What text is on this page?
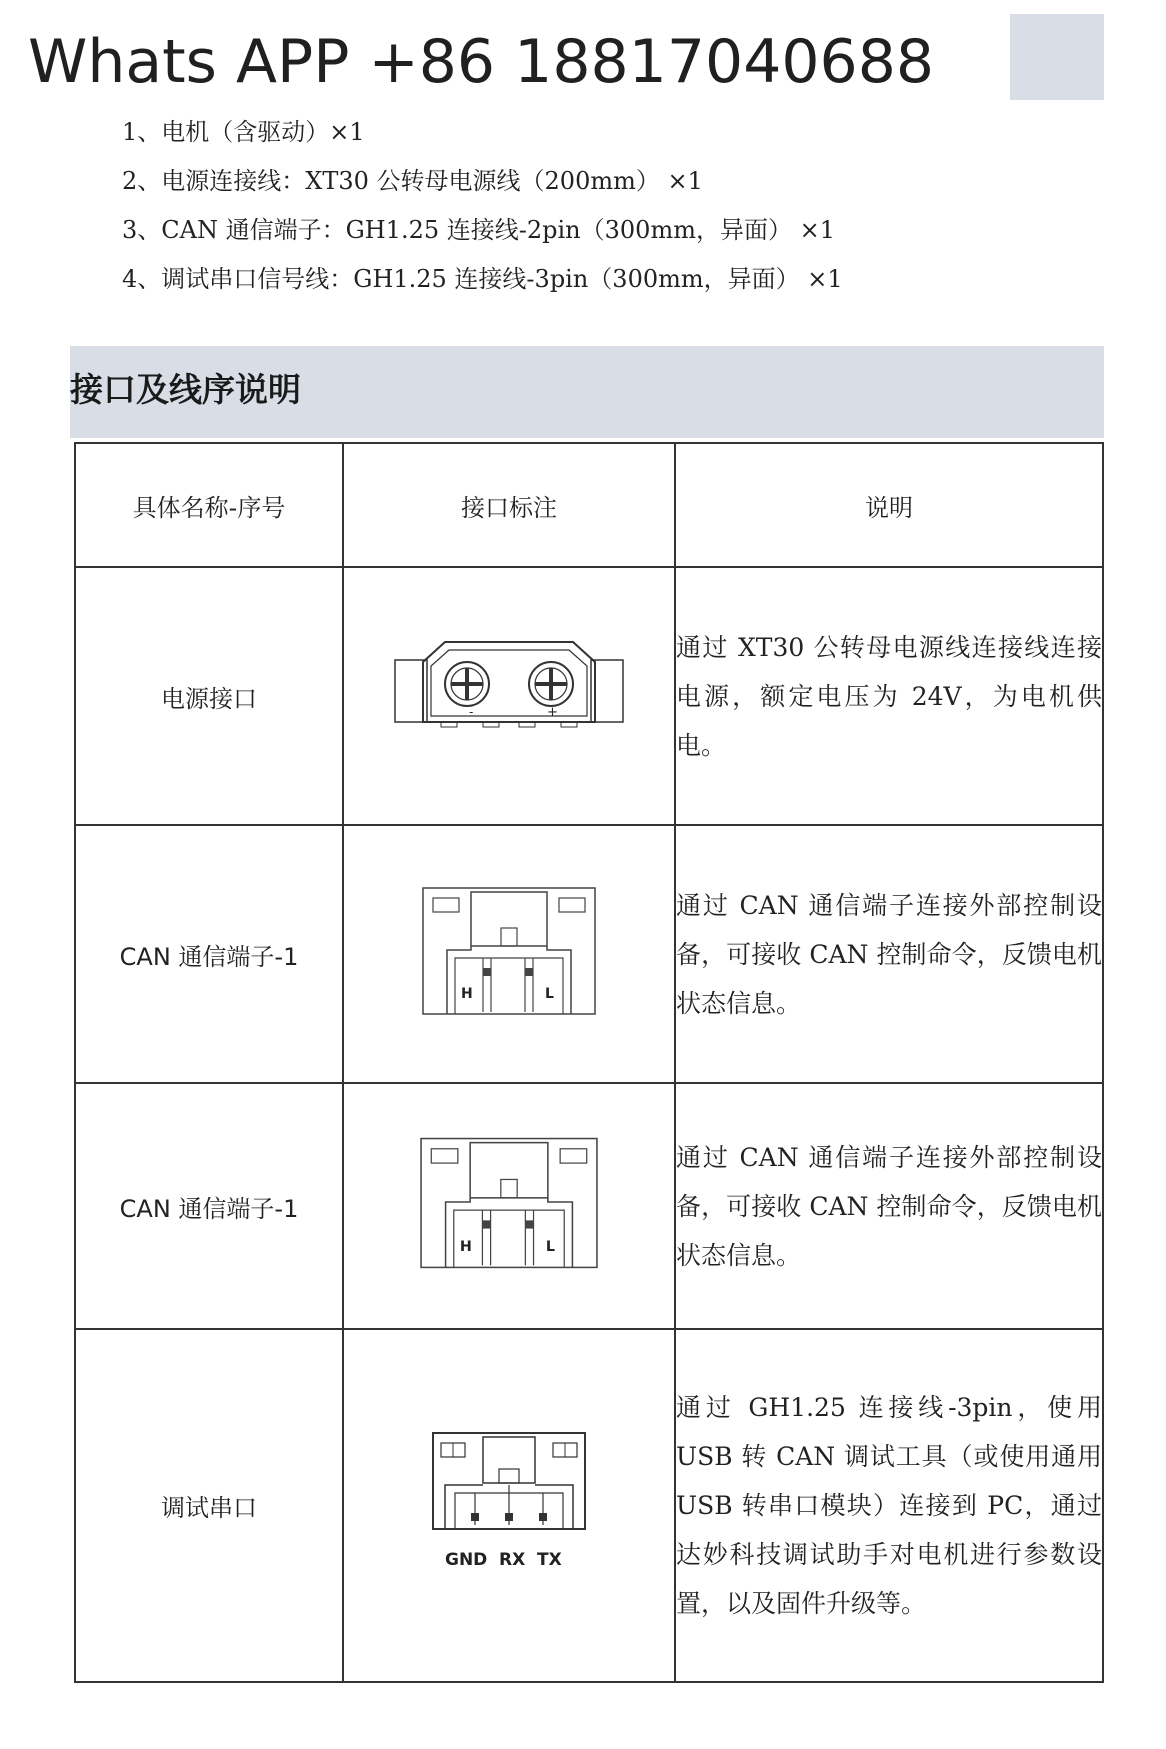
Whats APP +86 18817040688
1、电机（含驱动）×1
2、电源连接线：XT30 公转母电源线（200mm） ×1
3、CAN 通信端子：GH1.25 连接线-2pin（300mm，异面） ×1
4、调试串口信号线：GH1.25 连接线-3pin（300mm，异面） ×1
接口及线序说明
具体名称-序号	接口标注	说明
电源接口	- +	通过 XT30 公转母电源线连接线连接电源，额定电压为 24V，为电机供电。
CAN 通信端子-1	H L	通过 CAN 通信端子连接外部控制设备，可接收 CAN 控制命令，反馈电机状态信息。
CAN 通信端子-1	H L	通过 CAN 通信端子连接外部控制设备，可接收 CAN 控制命令，反馈电机状态信息。
调试串口	GND RX TX	通过 GH1.25 连接线-3pin，使用 USB 转 CAN 调试工具（或使用通用 USB 转串口模块）连接到 PC，通过达妙科技调试助手对电机进行参数设置，以及固件升级等。
